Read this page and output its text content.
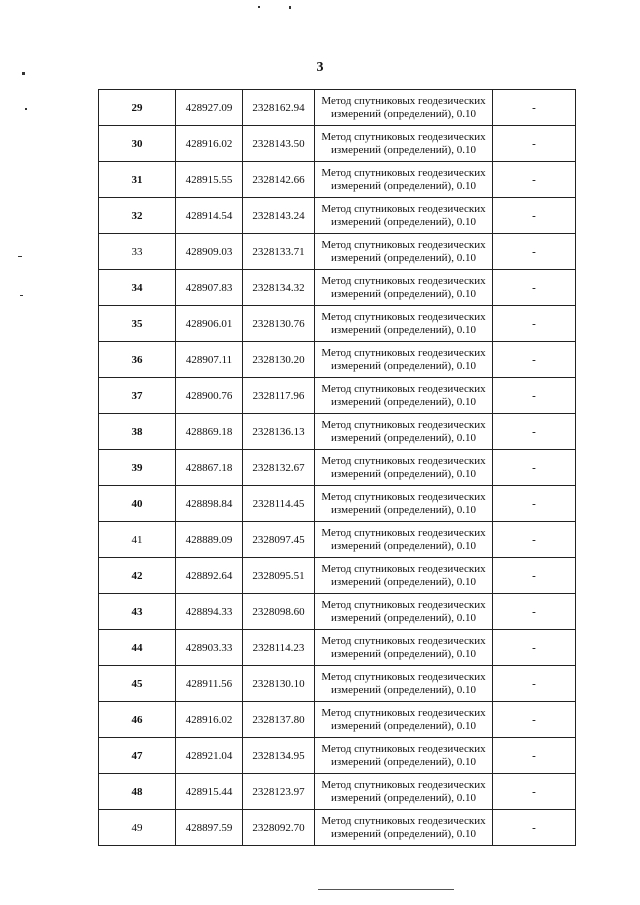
3
29	428927.09	2328162.94	Метод спутниковых геодезических
измерений (определений), 0.10	-
30	428916.02	2328143.50	Метод спутниковых геодезических
измерений (определений), 0.10	-
31	428915.55	2328142.66	Метод спутниковых геодезических
измерений (определений), 0.10	-
32	428914.54	2328143.24	Метод спутниковых геодезических
измерений (определений), 0.10	-
33	428909.03	2328133.71	Метод спутниковых геодезических
измерений (определений), 0.10	-
34	428907.83	2328134.32	Метод спутниковых геодезических
измерений (определений), 0.10	-
35	428906.01	2328130.76	Метод спутниковых геодезических
измерений (определений), 0.10	-
36	428907.11	2328130.20	Метод спутниковых геодезических
измерений (определений), 0.10	-
37	428900.76	2328117.96	Метод спутниковых геодезических
измерений (определений), 0.10	-
38	428869.18	2328136.13	Метод спутниковых геодезических
измерений (определений), 0.10	-
39	428867.18	2328132.67	Метод спутниковых геодезических
измерений (определений), 0.10	-
40	428898.84	2328114.45	Метод спутниковых геодезических
измерений (определений), 0.10	-
41	428889.09	2328097.45	Метод спутниковых геодезических
измерений (определений), 0.10	-
42	428892.64	2328095.51	Метод спутниковых геодезических
измерений (определений), 0.10	-
43	428894.33	2328098.60	Метод спутниковых геодезических
измерений (определений), 0.10	-
44	428903.33	2328114.23	Метод спутниковых геодезических
измерений (определений), 0.10	-
45	428911.56	2328130.10	Метод спутниковых геодезических
измерений (определений), 0.10	-
46	428916.02	2328137.80	Метод спутниковых геодезических
измерений (определений), 0.10	-
47	428921.04	2328134.95	Метод спутниковых геодезических
измерений (определений), 0.10	-
48	428915.44	2328123.97	Метод спутниковых геодезических
измерений (определений), 0.10	-
49	428897.59	2328092.70	Метод спутниковых геодезических
измерений (определений), 0.10	-
